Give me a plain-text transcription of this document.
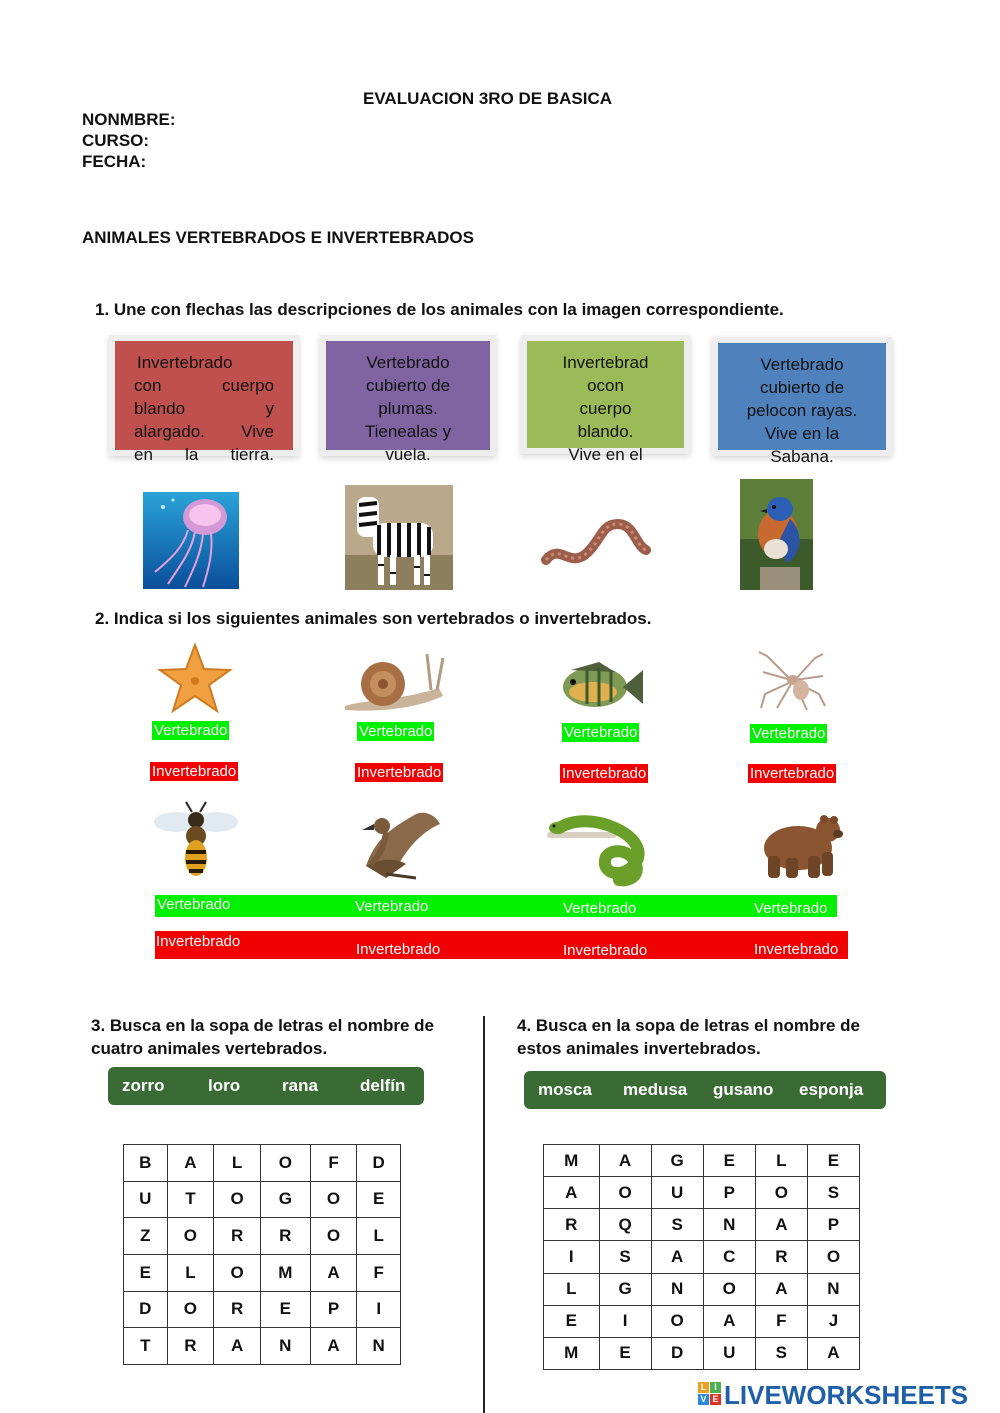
EVALUACION 3RO DE BASICA
NONMBRE:
CURSO:
FECHA:
ANIMALES VERTEBRADOS E INVERTEBRADOS
1. Une con flechas las descripciones de los animales con la imagen correspondiente.

Invertebrado

con cuerpo

blando y

alargado. Vive

en la tierra.

Vertebrado

cubierto de

plumas.

Tienealas y

vuela.

Invertebrad

ocon

cuerpo

blando.

Vive en el

Vertebrado

cubierto de

pelocon rayas.

Vive en la

Sabana.

2. Indica si los siguientes animales son vertebrados o invertebrados.
Vertebrado
Invertebrado
Vertebrado
Invertebrado
Vertebrado
Invertebrado
Vertebrado
Invertebrado
Vertebrado	Vertebrado	Vertebrado	Vertebrado
Invertebrado	Invertebrado	Invertebrado	Invertebrado
3. Busca en la sopa de letras el nombre de
cuatro animales vertebrados.
zorro	loro rana delfín
B	A	L	O	F	D
U	T	O	G	O	E
Z	O	R	R	O	L
E	L	O	M	A	F
D	O	R	E	P	I
T	R	A	N	A	N
4. Busca en la sopa de letras el nombre de
estos animales invertebrados.
mosca medusa gusano esponja
M	A	G	E	L	E
A	O	U	P	O	S
R	Q	S	N	A	P
I	S	A	C	R	O
L	G	N	O	A	N
E	I	O	A	F	J
M	E	D	U	S	A
L I
V E LIVEWORKSHEETS
